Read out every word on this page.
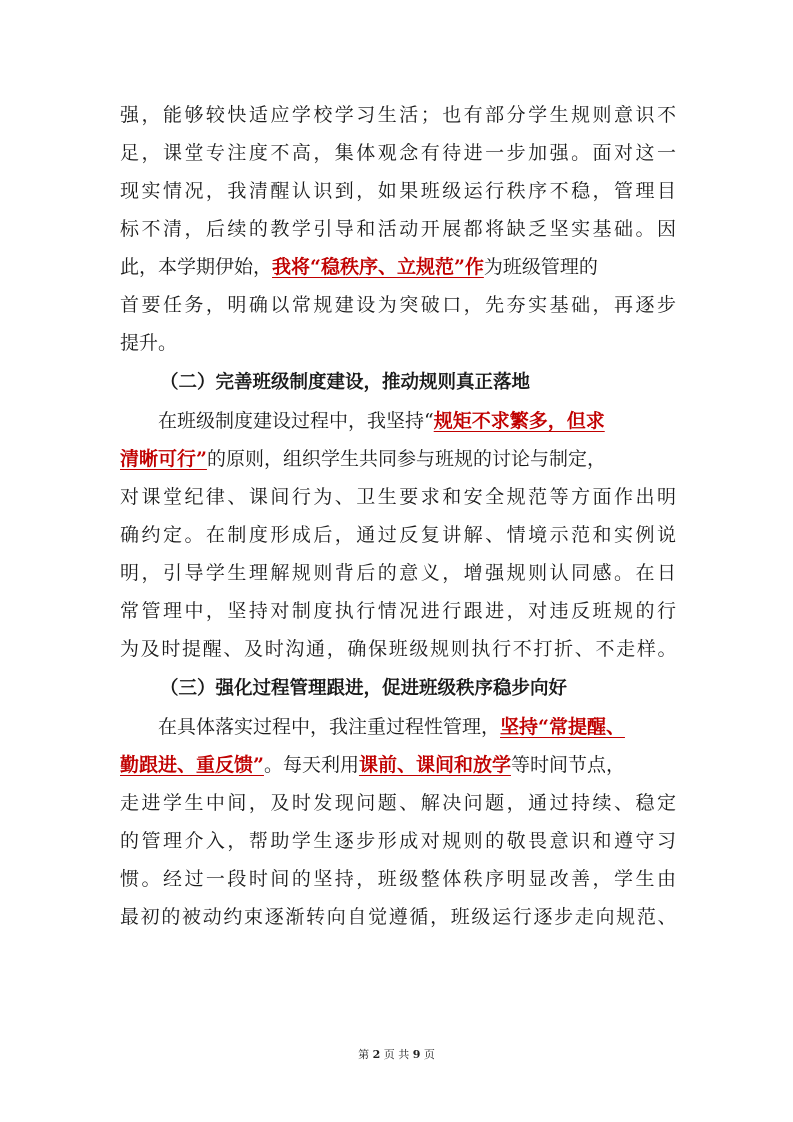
强，能够较快适应学校学习生活；也有部分学生规则意识不
足，课堂专注度不高，集体观念有待进一步加强。面对这一
现实情况，我清醒认识到，如果班级运行秩序不稳，管理目
标不清，后续的教学引导和活动开展都将缺乏坚实基础。因
此，本学期伊始，我将“稳秩序、立规范”作为班级管理的
首要任务，明确以常规建设为突破口，先夯实基础，再逐步
提升。
（二）完善班级制度建设，推动规则真正落地
在班级制度建设过程中，我坚持“规矩不求繁多，但求
清晰可行”的原则，组织学生共同参与班规的讨论与制定，
对课堂纪律、课间行为、卫生要求和安全规范等方面作出明
确约定。在制度形成后，通过反复讲解、情境示范和实例说
明，引导学生理解规则背后的意义，增强规则认同感。在日
常管理中，坚持对制度执行情况进行跟进，对违反班规的行
为及时提醒、及时沟通，确保班级规则执行不打折、不走样。
（三）强化过程管理跟进，促进班级秩序稳步向好
在具体落实过程中，我注重过程性管理，坚持“常提醒、
勤跟进、重反馈”。每天利用课前、课间和放学等时间节点，
走进学生中间，及时发现问题、解决问题，通过持续、稳定
的管理介入，帮助学生逐步形成对规则的敬畏意识和遵守习
惯。经过一段时间的坚持，班级整体秩序明显改善，学生由
最初的被动约束逐渐转向自觉遵循，班级运行逐步走向规范、
第 2 页 共 9 页
